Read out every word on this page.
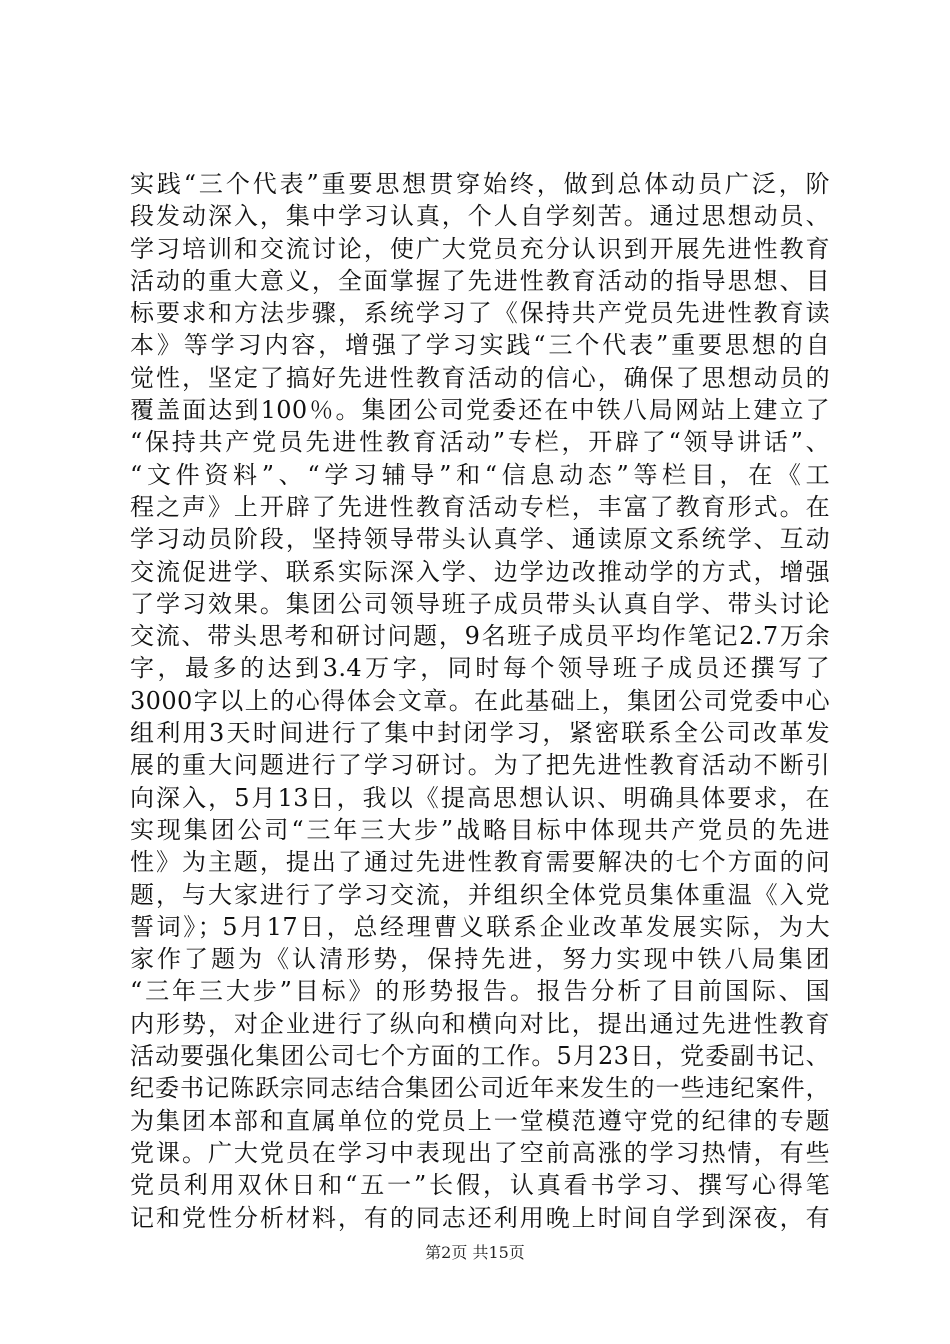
实践“三个代表”重要思想贯穿始终，做到总体动员广泛，阶
段发动深入，集中学习认真，个人自学刻苦。通过思想动员、
学习培训和交流讨论，使广大党员充分认识到开展先进性教育
活动的重大意义，全面掌握了先进性教育活动的指导思想、目
标要求和方法步骤，系统学习了《保持共产党员先进性教育读
本》等学习内容，增强了学习实践“三个代表”重要思想的自
觉性，坚定了搞好先进性教育活动的信心，确保了思想动员的
覆盖面达到100％。集团公司党委还在中铁八局网站上建立了
“保持共产党员先进性教育活动”专栏，开辟了“领导讲话”、
“文件资料”、“学习辅导”和“信息动态”等栏目，在《工
程之声》上开辟了先进性教育活动专栏，丰富了教育形式。在
学习动员阶段，坚持领导带头认真学、通读原文系统学、互动
交流促进学、联系实际深入学、边学边改推动学的方式，增强
了学习效果。集团公司领导班子成员带头认真自学、带头讨论
交流、带头思考和研讨问题，9名班子成员平均作笔记2.7万余
字，最多的达到3.4万字，同时每个领导班子成员还撰写了
3000字以上的心得体会文章。在此基础上，集团公司党委中心
组利用3天时间进行了集中封闭学习，紧密联系全公司改革发
展的重大问题进行了学习研讨。为了把先进性教育活动不断引
向深入，5月13日，我以《提高思想认识、明确具体要求，在
实现集团公司“三年三大步”战略目标中体现共产党员的先进
性》为主题，提出了通过先进性教育需要解决的七个方面的问
题，与大家进行了学习交流，并组织全体党员集体重温《入党
誓词》；5月17日，总经理曹义联系企业改革发展实际，为大
家作了题为《认清形势，保持先进，努力实现中铁八局集团
“三年三大步”目标》的形势报告。报告分析了目前国际、国
内形势，对企业进行了纵向和横向对比，提出通过先进性教育
活动要强化集团公司七个方面的工作。5月23日，党委副书记、
纪委书记陈跃宗同志结合集团公司近年来发生的一些违纪案件，
为集团本部和直属单位的党员上一堂模范遵守党的纪律的专题
党课。广大党员在学习中表现出了空前高涨的学习热情，有些
党员利用双休日和“五一”长假，认真看书学习、撰写心得笔
记和党性分析材料，有的同志还利用晚上时间自学到深夜，有
第2页 共15页
